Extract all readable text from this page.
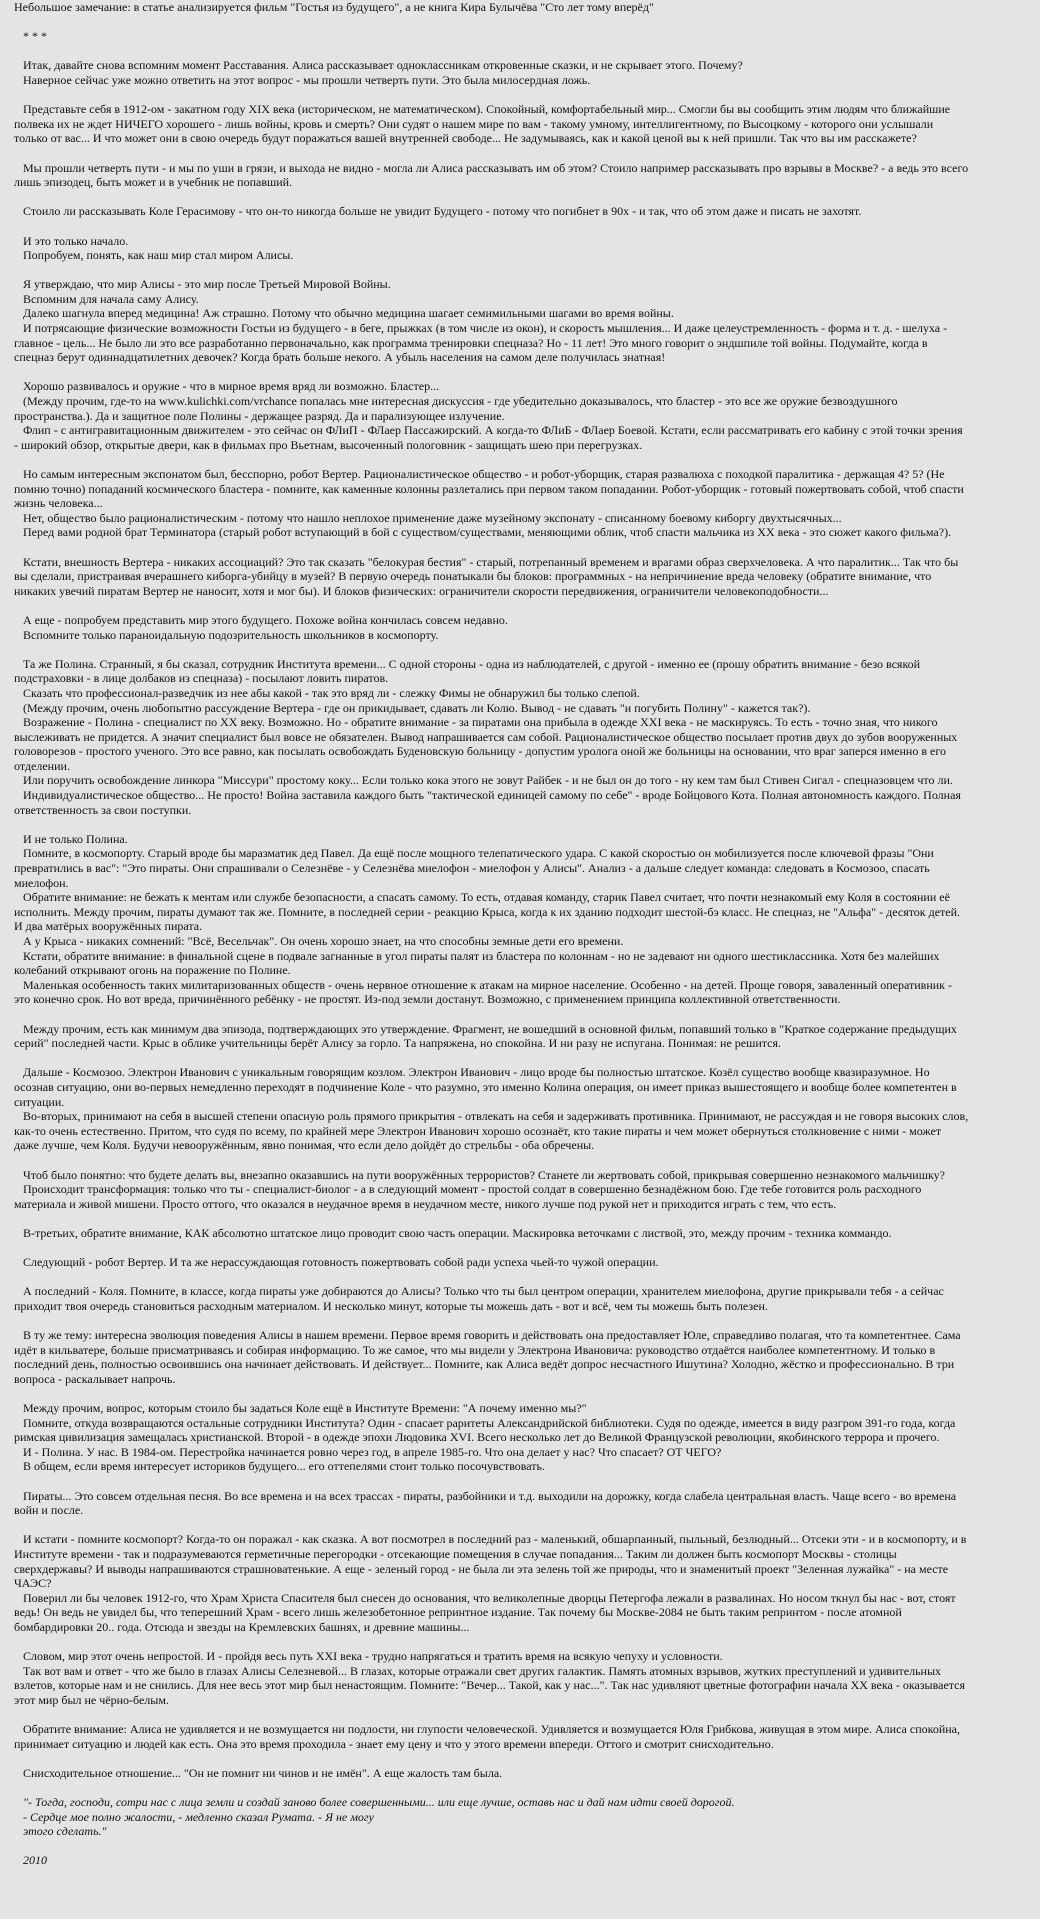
Небольшое замечание: в статье анализируется фильм "Гостья из будущего", а не книга Кира Булычёва "Сто лет тому вперёд"

* * *

Итак, давайте снова вспомним момент Расставания. Алиса рассказывает одноклассникам откровенные сказки, и не скрывает этого. Почему?

Наверное сейчас уже можно ответить на этот вопрос - мы прошли четверть пути. Это была милосердная ложь.

Представьте себя в 1912-ом - закатном году XIX века (историческом, не математическом). Спокойный, комфортабельный мир... Смогли бы вы сообщить этим людям что ближайшие

полвека их не ждет НИЧЕГО хорошего - лишь войны, кровь и смерть? Они судят о нашем мире по вам - такому умному, интеллигентному, по Высоцкому - которого они услышали

только от вас... И что может они в свою очередь будут поражаться вашей внутренней свободе... Не задумываясь, как и какой ценой вы к ней пришли. Так что вы им расскажете?

Мы прошли четверть пути - и мы по уши в грязи, и выхода не видно - могла ли Алиса рассказывать им об этом? Стоило например рассказывать про взрывы в Москве? - а ведь это всего

лишь эпизодец, быть может и в учебник не попавший.

Стоило ли рассказывать Коле Герасимову - что он-то никогда больше не увидит Будущего - потому что погибнет в 90х - и так, что об этом даже и писать не захотят.

И это только начало.

Попробуем, понять, как наш мир стал миром Алисы.

Я утверждаю, что мир Алисы - это мир после Третьей Мировой Войны.

Вспомним для начала саму Алису.

Далеко шагнула вперед медицина! Аж страшно. Потому что обычно медицина шагает семимильными шагами во время войны.

И потрясающие физические возможности Гостьи из будущего - в беге, прыжках (в том числе из окон), и скорость мышления... И даже целеустремленность - форма и т. д. - шелуха -

главное - цель... Не было ли это все разработанно первоначально, как программа тренировки спецназа? Но - 11 лет! Это много говорит о эндшпиле той войны. Подумайте, когда в

спецназ берут одиннадцатилетних девочек? Когда брать больше некого. А убыль населения на самом деле получилась знатная!

Хорошо развивалось и оружие - что в мирное время вряд ли возможно. Бластер...

(Между прочим, где-то на www.kulichki.com/vrchance попалась мне интересная дискуссия - где убедительно доказывалось, что бластер - это все же оружие безвоздушного

пространства.). Да и защитное поле Полины - держащее разряд. Да и парализующее излучение.

Флип - с антигравитационным движителем - это сейчас он ФЛиП - ФЛаер Пассажирский. А когда-то ФЛиБ - ФЛаер Боевой. Кстати, если рассматривать его кабину с этой точки зрения

- широкий обзор, открытые двери, как в фильмах про Вьетнам, высоченный пологовник - защищать шею при перегрузках.

Но самым интересным экспонатом был, бесспорно, робот Вертер. Рационалистическое общество - и робот-уборщик, старая развалюха с походкой паралитика - держащая 4? 5? (Не

помню точно) попаданий космического бластера - помните, как каменные колонны разлетались при первом таком попадании. Робот-уборщик - готовый пожертвовать собой, чтоб спасти

жизнь человека...

Нет, общество было рационалистическим - потому что нашло неплохое применение даже музейному экспонату - списанному боевому киборгу двухтысячных...

Перед вами родной брат Терминатора (старый робот вступающий в бой с существом/существами, меняющими облик, чтоб спасти мальчика из ХХ века - это сюжет какого фильма?).

Кстати, внешность Вертера - никаких ассоциаций? Это так сказать "белокурая бестия" - старый, потрепанный временем и врагами образ сверхчеловека. А что паралитик... Так что бы

вы сделали, пристраивая вчерашнего киборга-убийцу в музей? В первую очередь понатыкали бы блоков: программных - на непричинение вреда человеку (обратите внимание, что

никаких увечий пиратам Вертер не наносит, хотя и мог бы). И блоков физических: ограничители скорости передвижения, ограничители человекоподобности...

А еще - попробуем представить мир этого будущего. Похоже война кончилась совсем недавно.

Вспомните только параноидальную подозрительность школьников в космопорту.

Та же Полина. Странный, я бы сказал, сотрудник Института времени... С одной стороны - одна из наблюдателей, с другой - именно ее (прошу обратить внимание - безо всякой

подстраховки - в лице долбаков из спецназа) - посылают ловить пиратов.

Сказать что профессионал-разведчик из нее абы какой - так это вряд ли - слежку Фимы не обнаружил бы только слепой.

(Между прочим, очень любопытно рассуждение Вертера - где он прикидывает, сдавать ли Колю. Вывод - не сдавать "и погубить Полину" - кажется так?).

Возражение - Полина - специалист по ХХ веку. Возможно. Но - обратите внимание - за пиратами она прибыла в одежде XXI века - не маскируясь. То есть - точно зная, что никого

выслеживать не придется. А значит специалист был вовсе не обязателен. Вывод напрашивается сам собой. Рационалистическое общество посылает против двух до зубов вооруженных

головорезов - простого ученого. Это все равно, как посылать освобождать Буденовскую больницу - допустим уролога оной же больницы на основании, что враг заперся именно в его

отделении.

Или поручить освобождение линкора "Миссури" простому коку... Если только кока этого не зовут Райбек - и не был он до того - ну кем там был Стивен Сигал - спецназовцем что ли.

Индивидуалистическое общество... Не просто! Война заставила каждого быть "тактической единицей самому по себе" - вроде Бойцового Кота. Полная автономность каждого. Полная

ответственность за свои поступки.

И не только Полина.

Помните, в космопорту. Старый вроде бы маразматик дед Павел. Да ещё после мощного телепатического удара. С какой скоростью он мобилизуется после ключевой фразы "Они

превратились в вас": "Это пираты. Они спрашивали о Селезнёве - у Селезнёва миелофон - миелофон у Алисы". Анализ - а дальше следует команда: следовать в Космозоо, спасать

миелофон.

Обратите внимание: не бежать к ментам или службе безопасности, а спасать самому. То есть, отдавая команду, старик Павел считает, что почти незнакомый ему Коля в состоянии её

исполнить. Между прочим, пираты думают так же. Помните, в последней серии - реакцию Крыса, когда к их зданию подходит шестой-бэ класс. Не спецназ, не "Альфа" - десяток детей.

И два матёрых вооружённых пирата.

А у Крыса - никаких сомнений: "Всё, Весельчак". Он очень хорошо знает, на что способны земные дети его времени.

Кстати, обратите внимание: в финальной сцене в подвале загнанные в угол пираты палят из бластера по колоннам - но не задевают ни одного шестиклассника. Хотя без малейших

колебаний открывают огонь на поражение по Полине.

Маленькая особенность таких милитаризованных обществ - очень нервное отношение к атакам на мирное население. Особенно - на детей. Проще говоря, заваленный оперативник -

это конечно срок. Но вот вреда, причинённого ребёнку - не простят. Из-под земли достанут. Возможно, с применением принципа коллективной ответственности.

Между прочим, есть как минимум два эпизода, подтверждающих это утверждение. Фрагмент, не вошедший в основной фильм, попавший только в "Краткое содержание предыдущих

серий" последней части. Крыс в облике учительницы берёт Алису за горло. Та напряжена, но спокойна. И ни разу не испугана. Понимая: не решится.

Дальше - Космозоо. Электрон Иванович с уникальным говорящим козлом. Электрон Иванович - лицо вроде бы полностью штатское. Козёл существо вообще квазиразумное. Но

осознав ситуацию, они во-первых немедленно переходят в подчинение Коле - что разумно, это именно Колина операция, он имеет приказ вышестоящего и вообще более компетентен в

ситуации.

Во-вторых, принимают на себя в высшей степени опасную роль прямого прикрытия - отвлекать на себя и задерживать противника. Принимают, не рассуждая и не говоря высоких слов,

как-то очень естественно. Притом, что судя по всему, по крайней мере Электрон Иванович хорошо осознаёт, кто такие пираты и чем может обернуться столкновение с ними - может

даже лучше, чем Коля. Будучи невооружённым, явно понимая, что если дело дойдёт до стрельбы - оба обречены.

Чтоб было понятно: что будете делать вы, внезапно оказавшись на пути вооружённых террористов? Станете ли жертвовать собой, прикрывая совершенно незнакомого мальчишку?

Происходит трансформация: только что ты - специалист-биолог - а в следующий момент - простой солдат в совершенно безнадёжном бою. Где тебе готовится роль расходного

материала и живой мишени. Просто оттого, что оказался в неудачное время в неудачном месте, никого лучше под рукой нет и приходится играть с тем, что есть.

В-третьих, обратите внимание, КАК абсолютно штатское лицо проводит свою часть операции. Маскировка веточками с листвой, это, между прочим - техника коммандо.

Следующий - робот Вертер. И та же нерассуждающая готовность пожертвовать собой ради успеха чьей-то чужой операции.

А последний - Коля. Помните, в классе, когда пираты уже добираются до Алисы? Только что ты был центром операции, хранителем миелофона, другие прикрывали тебя - а сейчас

приходит твоя очередь становиться расходным материалом. И несколько минут, которые ты можешь дать - вот и всё, чем ты можешь быть полезен.

В ту же тему: интересна эволюция поведения Алисы в нашем времени. Первое время говорить и действовать она предоставляет Юле, справедливо полагая, что та компетентнее. Сама

идёт в кильватере, больше присматриваясь и собирая информацию. То же самое, что мы видели у Электрона Ивановича: руководство отдаётся наиболее компетентному. И только в

последний день, полностью освоившись она начинает действовать. И действует... Помните, как Алиса ведёт допрос несчастного Ишутина? Холодно, жёстко и профессионально. В три

вопроса - раскалывает напрочь.

Между прочим, вопрос, которым стоило бы задаться Коле ещё в Институте Времени: "А почему именно мы?"

Помните, откуда возвращаются остальные сотрудники Института? Один - спасает раритеты Александрийской библиотеки. Судя по одежде, имеется в виду разгром 391-го года, когда

римская цивилизация замещалась христианской. Второй - в одежде эпохи Людовика XVI. Всего несколько лет до Великой Французской революции, якобинского террора и прочего.

И - Полина. У нас. В 1984-ом. Перестройка начинается ровно через год, в апреле 1985-го. Что она делает у нас? Что спасает? ОТ ЧЕГО?

В общем, если время интересует историков будущего... его оттепелями стоит только посочувствовать.

Пираты... Это совсем отдельная песня. Во все времена и на всех трассах - пираты, разбойники и т.д. выходили на дорожку, когда слабела центральная власть. Чаще всего - во времена

войн и после.

И кстати - помните космопорт? Когда-то он поражал - как сказка. А вот посмотрел в последний раз - маленький, обшарпанный, пыльный, безлюдный... Отсеки эти - и в космопорту, и в

Институте времени - так и подразумеваются герметичные перегородки - отсекающие помещения в случае попадания... Таким ли должен быть космопорт Москвы - столицы

сверхдержавы? И выводы напрашиваются страшноватенькие. А еще - зеленый город - не была ли эта зелень той же природы, что и знаменитый проект "Зеленная лужайка" - на месте

ЧАЭС?

Поверил ли бы человек 1912-го, что Храм Христа Спасителя был снесен до основания, что великолепные дворцы Петергофа лежали в развалинах. Но носом ткнул бы нас - вот, стоят

ведь! Он ведь не увидел бы, что теперешний Храм - всего лишь железобетонное репринтное издание. Так почему бы Москве-2084 не быть таким репринтом - после атомной

бомбардировки 20.. года. Отсюда и звезды на Кремлевских башнях, и древние машины...

Словом, мир этот очень непростой. И - пройдя весь путь XXI века - трудно напрягаться и тратить время на всякую чепуху и условности.

Так вот вам и ответ - что же было в глазах Алисы Селезневой... В глазах, которые отражали свет других галактик. Память атомных взрывов, жутких преступлений и удивительных

взлетов, которые нам и не снились. Для нее весь этот мир был ненастоящим. Помните: "Вечер... Такой, как у нас...". Так нас удивляют цветные фотографии начала XX века - оказывается

этот мир был не чёрно-белым.

Обратите внимание: Алиса не удивляется и не возмущается ни подлости, ни глупости человеческой. Удивляется и возмущается Юля Грибкова, живущая в этом мире. Алиса спокойна,

принимает ситуацию и людей как есть. Она это время проходила - знает ему цену и что у этого времени впереди. Оттого и смотрит снисходительно.

Снисходительное отношение... "Он не помнит ни чинов и не имён". А еще жалость там была.

"- Тогда, господи, сотри нас с лица земли и создай заново более совершенными... или еще лучше, оставь нас и дай нам идти своей дорогой.

- Сердце мое полно жалости, - медленно сказал Румата. - Я не могу

этого сделать."

2010
